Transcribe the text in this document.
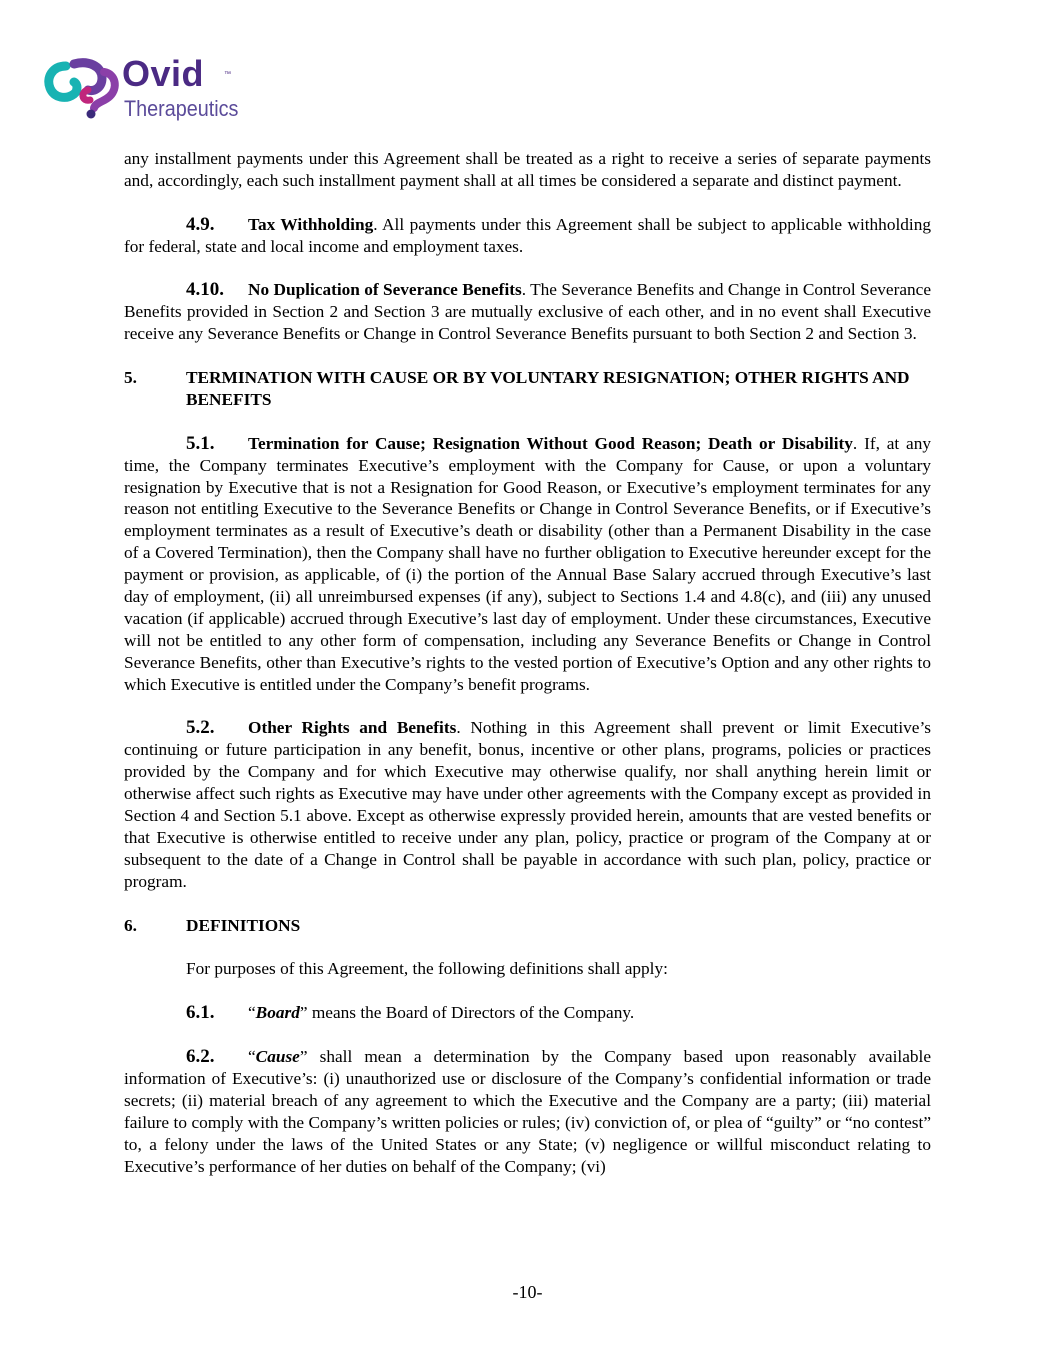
Ovid	™
Therapeutics

any installment payments under this Agreement shall be treated as a right to receive a series of separate payments and, accordingly, each such installment payment shall at all times be considered a separate and distinct payment.

4.9. Tax Withholding. All payments under this Agreement shall be subject to applicable withholding for federal, state and local income and employment taxes.

4.10. No Duplication of Severance Benefits. The Severance Benefits and Change in Control Severance Benefits provided in Section 2 and Section 3 are mutually exclusive of each other, and in no event shall Executive receive any Severance Benefits or Change in Control Severance Benefits pursuant to both Section 2 and Section 3.

5.	TERMINATION WITH CAUSE OR BY VOLUNTARY RESIGNATION; OTHER RIGHTS AND BENEFITS

5.1. Termination for Cause; Resignation Without Good Reason; Death or Disability. If, at any time, the Company terminates Executive’s employment with the Company for Cause, or upon a voluntary resignation by Executive that is not a Resignation for Good Reason, or Executive’s employment terminates for any reason not entitling Executive to the Severance Benefits or Change in Control Severance Benefits, or if Executive’s employment terminates as a result of Executive’s death or disability (other than a Permanent Disability in the case of a Covered Termination), then the Company shall have no further obligation to Executive hereunder except for the payment or provision, as applicable, of (i) the portion of the Annual Base Salary accrued through Executive’s last day of employment, (ii) all unreimbursed expenses (if any), subject to Sections 1.4 and 4.8(c), and (iii) any unused vacation (if applicable) accrued through Executive’s last day of employment. Under these circumstances, Executive will not be entitled to any other form of compensation, including any Severance Benefits or Change in Control Severance Benefits, other than Executive’s rights to the vested portion of Executive’s Option and any other rights to which Executive is entitled under the Company’s benefit programs.

5.2. Other Rights and Benefits. Nothing in this Agreement shall prevent or limit Executive’s continuing or future participation in any benefit, bonus, incentive or other plans, programs, policies or practices provided by the Company and for which Executive may otherwise qualify, nor shall anything herein limit or otherwise affect such rights as Executive may have under other agreements with the Company except as provided in Section 4 and Section 5.1 above. Except as otherwise expressly provided herein, amounts that are vested benefits or that Executive is otherwise entitled to receive under any plan, policy, practice or program of the Company at or subsequent to the date of a Change in Control shall be payable in accordance with such plan, policy, practice or program.

6.	DEFINITIONS

For purposes of this Agreement, the following definitions shall apply:

6.1. “Board” means the Board of Directors of the Company.

6.2. “Cause” shall mean a determination by the Company based upon reasonably available information of Executive’s: (i) unauthorized use or disclosure of the Company’s confidential information or trade secrets; (ii) material breach of any agreement to which the Executive and the Company are a party; (iii) material failure to comply with the Company’s written policies or rules; (iv) conviction of, or plea of “guilty” or “no contest” to, a felony under the laws of the United States or any State; (v) negligence or willful misconduct relating to Executive’s performance of her duties on behalf of the Company; (vi)

-10-
